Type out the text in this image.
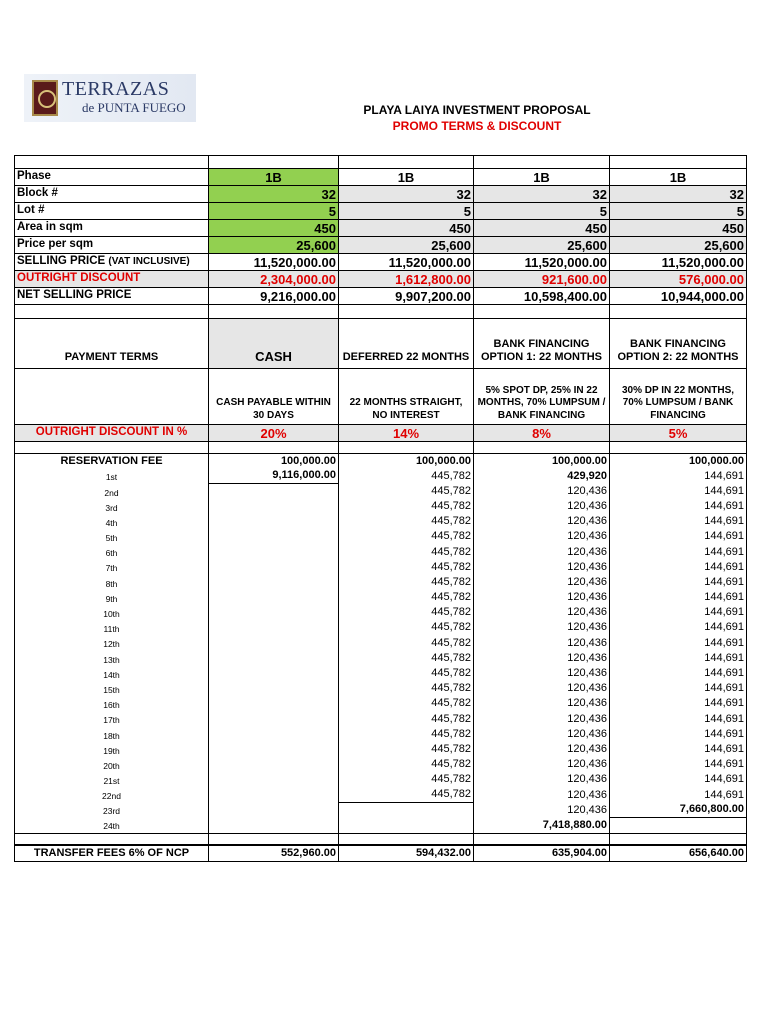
TERRAZAS
de PUNTA FUEGO	PLAYA LAIYA INVESTMENT PROPOSAL
PROMO TERMS & DISCOUNT

Phase	1B	1B	1B	1B
Block #	32	32	32	32
Lot #	5	5	5	5
Area in sqm	450	450	450	450
Price per sqm	25,600	25,600	25,600	25,600
SELLING PRICE (VAT INCLUSIVE)	11,520,000.00	11,520,000.00	11,520,000.00	11,520,000.00
OUTRIGHT DISCOUNT	2,304,000.00	1,612,800.00	921,600.00	576,000.00
NET SELLING PRICE	9,216,000.00	9,907,200.00	10,598,400.00	10,944,000.00

PAYMENT TERMS	CASH	DEFERRED 22 MONTHS	BANK FINANCING OPTION 1: 22 MONTHS	BANK FINANCING OPTION 2: 22 MONTHS
	CASH PAYABLE WITHIN 30 DAYS	22 MONTHS STRAIGHT, NO INTEREST	5% SPOT DP, 25% IN 22 MONTHS, 70% LUMPSUM / BANK FINANCING	30% DP IN 22 MONTHS, 70% LUMPSUM / BANK FINANCING
OUTRIGHT DISCOUNT IN %	20%	14%	8%	5%

RESERVATION FEE	100,000.00	100,000.00	100,000.00	100,000.00
1st	9,116,000.00	445,782	429,920	144,691
2nd		445,782	120,436	144,691
3rd		445,782	120,436	144,691
4th		445,782	120,436	144,691
5th		445,782	120,436	144,691
6th		445,782	120,436	144,691
7th		445,782	120,436	144,691
8th		445,782	120,436	144,691
9th		445,782	120,436	144,691
10th		445,782	120,436	144,691
11th		445,782	120,436	144,691
12th		445,782	120,436	144,691
13th		445,782	120,436	144,691
14th		445,782	120,436	144,691
15th		445,782	120,436	144,691
16th		445,782	120,436	144,691
17th		445,782	120,436	144,691
18th		445,782	120,436	144,691
19th		445,782	120,436	144,691
20th		445,782	120,436	144,691
21st		445,782	120,436	144,691
22nd		445,782	120,436	144,691
23rd			120,436	7,660,800.00
24th			7,418,880.00	

TRANSFER FEES 6% OF NCP	552,960.00	594,432.00	635,904.00	656,640.00
